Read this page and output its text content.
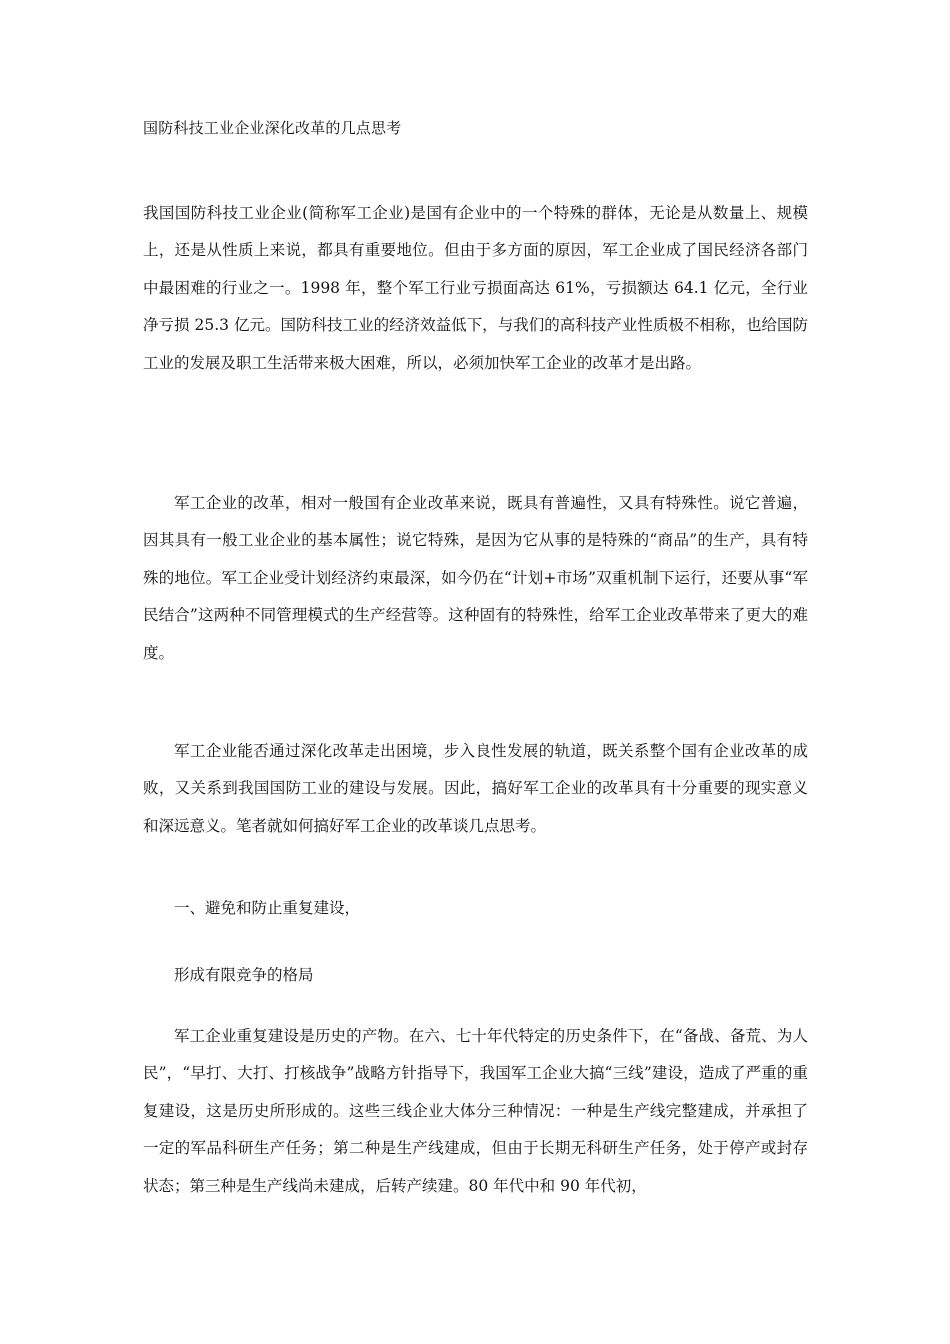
国防科技工业企业深化改革的几点思考

我国国防科技工业企业(简称军工企业)是国有企业中的一个特殊的群体，无论是从数量上、规模上，还是从性质上来说，都具有重要地位。但由于多方面的原因，军工企业成了国民经济各部门中最困难的行业之一。1998 年，整个军工行业亏损面高达 61%，亏损额达 64.1 亿元，全行业净亏损 25.3 亿元。国防科技工业的经济效益低下，与我们的高科技产业性质极不相称，也给国防工业的发展及职工生活带来极大困难，所以，必须加快军工企业的改革才是出路。

军工企业的改革，相对一般国有企业改革来说，既具有普遍性，又具有特殊性。说它普遍，因其具有一般工业企业的基本属性；说它特殊，是因为它从事的是特殊的“商品”的生产，具有特殊的地位。军工企业受计划经济约束最深，如今仍在“计划+市场”双重机制下运行，还要从事“军民结合”这两种不同管理模式的生产经营等。这种固有的特殊性，给军工企业改革带来了更大的难度。

军工企业能否通过深化改革走出困境，步入良性发展的轨道，既关系整个国有企业改革的成败，又关系到我国国防工业的建设与发展。因此，搞好军工企业的改革具有十分重要的现实意义和深远意义。笔者就如何搞好军工企业的改革谈几点思考。

一、避免和防止重复建设，
形成有限竞争的格局

军工企业重复建设是历史的产物。在六、七十年代特定的历史条件下，在“备战、备荒、为人民”，“早打、大打、打核战争”战略方针指导下，我国军工企业大搞“三线”建设，造成了严重的重复建设，这是历史所形成的。这些三线企业大体分三种情况：一种是生产线完整建成，并承担了一定的军品科研生产任务；第二种是生产线建成，但由于长期无科研生产任务，处于停产或封存状态；第三种是生产线尚未建成，后转产续建。80 年代中和 90 年代初，
